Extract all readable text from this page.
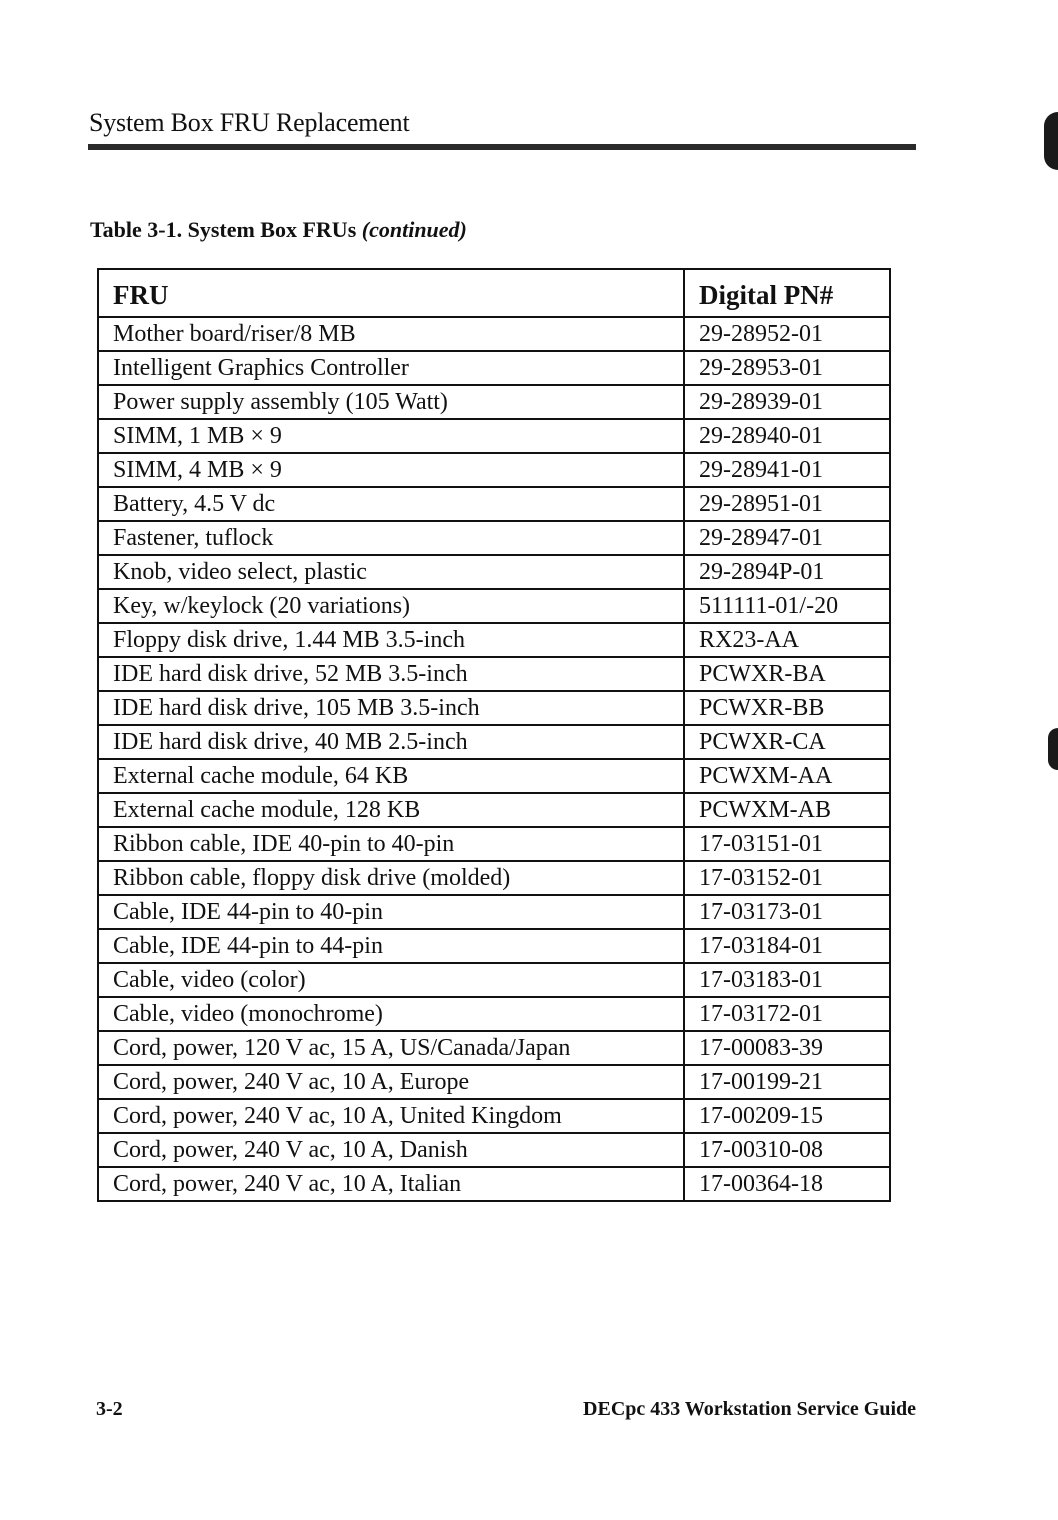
System Box FRU Replacement
Table 3-1. System Box FRUs (continued)
FRU	Digital PN#
Mother board/riser/8 MB	29-28952-01
Intelligent Graphics Controller	29-28953-01
Power supply assembly (105 Watt)	29-28939-01
SIMM, 1 MB × 9	29-28940-01
SIMM, 4 MB × 9	29-28941-01
Battery, 4.5 V dc	29-28951-01
Fastener, tuflock	29-28947-01
Knob, video select, plastic	29-2894P-01
Key, w/keylock (20 variations)	511111-01/-20
Floppy disk drive, 1.44 MB 3.5-inch	RX23-AA
IDE hard disk drive, 52 MB 3.5-inch	PCWXR-BA
IDE hard disk drive, 105 MB 3.5-inch	PCWXR-BB
IDE hard disk drive, 40 MB 2.5-inch	PCWXR-CA
External cache module, 64 KB	PCWXM-AA
External cache module, 128 KB	PCWXM-AB
Ribbon cable, IDE 40-pin to 40-pin	17-03151-01
Ribbon cable, floppy disk drive (molded)	17-03152-01
Cable, IDE 44-pin to 40-pin	17-03173-01
Cable, IDE 44-pin to 44-pin	17-03184-01
Cable, video (color)	17-03183-01
Cable, video (monochrome)	17-03172-01
Cord, power, 120 V ac, 15 A, US/Canada/Japan	17-00083-39
Cord, power, 240 V ac, 10 A, Europe	17-00199-21
Cord, power, 240 V ac, 10 A, United Kingdom	17-00209-15
Cord, power, 240 V ac, 10 A, Danish	17-00310-08
Cord, power, 240 V ac, 10 A, Italian	17-00364-18
3-2	DECpc 433 Workstation Service Guide
